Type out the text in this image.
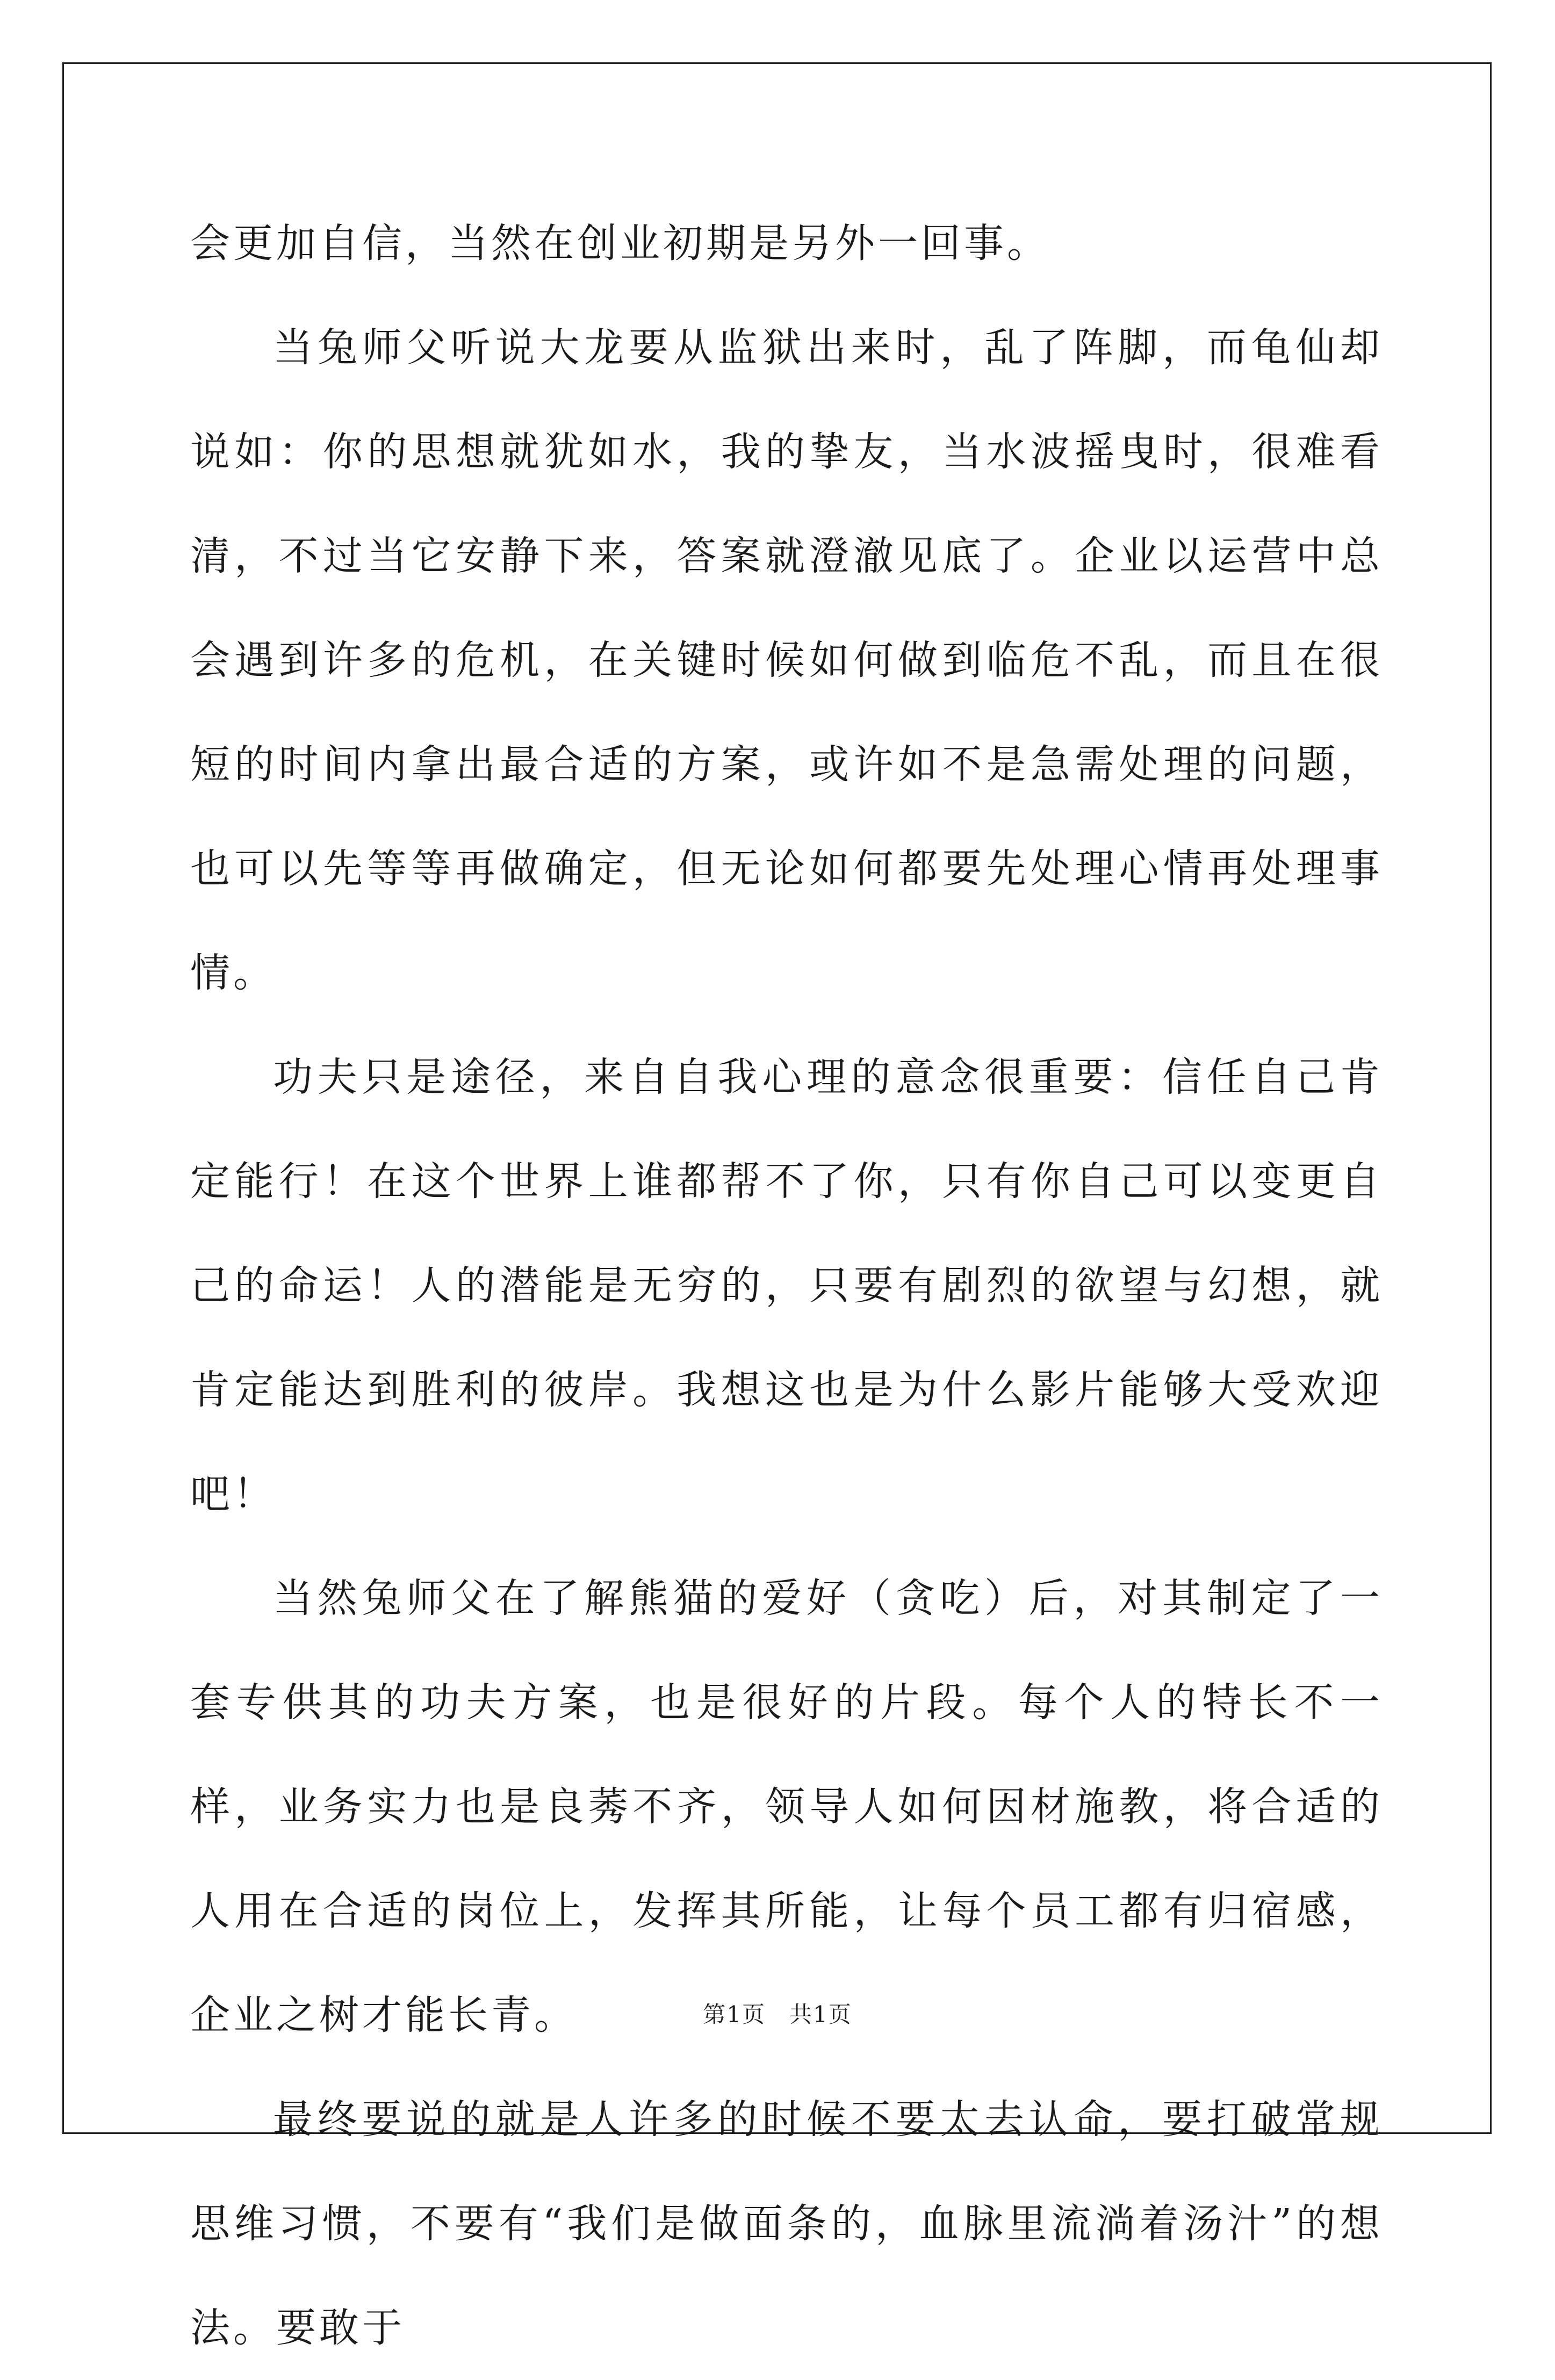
会更加自信，当然在创业初期是另外一回事。

当兔师父听说大龙要从监狱出来时，乱了阵脚，而龟仙却说如：你的思想就犹如水，我的挚友，当水波摇曳时，很难看清，不过当它安静下来，答案就澄澈见底了。企业以运营中总会遇到许多的危机，在关键时候如何做到临危不乱，而且在很短的时间内拿出最合适的方案，或许如不是急需处理的问题，也可以先等等再做确定，但无论如何都要先处理心情再处理事情。

功夫只是途径，来自自我心理的意念很重要：信任自己肯定能行！在这个世界上谁都帮不了你，只有你自己可以变更自己的命运！人的潜能是无穷的，只要有剧烈的欲望与幻想，就肯定能达到胜利的彼岸。我想这也是为什么影片能够大受欢迎吧！

当然兔师父在了解熊猫的爱好（贪吃）后，对其制定了一套专供其的功夫方案，也是很好的片段。每个人的特长不一样，业务实力也是良莠不齐，领导人如何因材施教，将合适的人用在合适的岗位上，发挥其所能，让每个员工都有归宿感，企业之树才能长青。

最终要说的就是人许多的时候不要太去认命，要打破常规思维习惯，不要有“我们是做面条的，血脉里流淌着汤汁”的想法。要敢于

第1页 共1页
